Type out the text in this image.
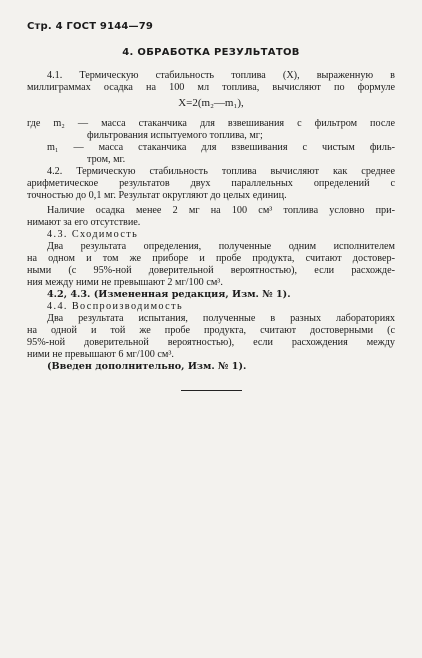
Стр. 4 ГОСТ 9144—79
4. ОБРАБОТКА РЕЗУЛЬТАТОВ
4.1. Термическую стабильность топлива (X), выраженную в
миллиграммах осадка на 100 мл топлива, вычисляют по формуле
X=2(m₂—m₁),
где m₂ — масса стаканчика для взвешивания с фильтром после
фильтрования испытуемого топлива, мг;
m₁ — масса стаканчика для взвешивания с чистым филь-
тром, мг.
4.2. Термическую стабильность топлива вычисляют как среднее
арифметическое результатов двух параллельных определений с
точностью до 0,1 мг. Результат округляют до целых единиц.
Наличие осадка менее 2 мг на 100 см³ топлива условно при-
нимают за его отсутствие.
4.3. Сходимость
Два результата определения, полученные одним исполнителем
на одном и том же приборе и пробе продукта, считают достовер-
ными (с 95%-ной доверительной вероятностью), если расхожде-
ния между ними не превышают 2 мг/100 см³.
4.2, 4.3. (Измененная редакция, Изм. № 1).
4.4. Воспроизводимость
Два результата испытания, полученные в разных лабораториях
на одной и той же пробе продукта, считают достоверными (с
95%-ной доверительной вероятностью), если расхождения между
ними не превышают 6 мг/100 см³.
(Введен дополнительно, Изм. № 1).
